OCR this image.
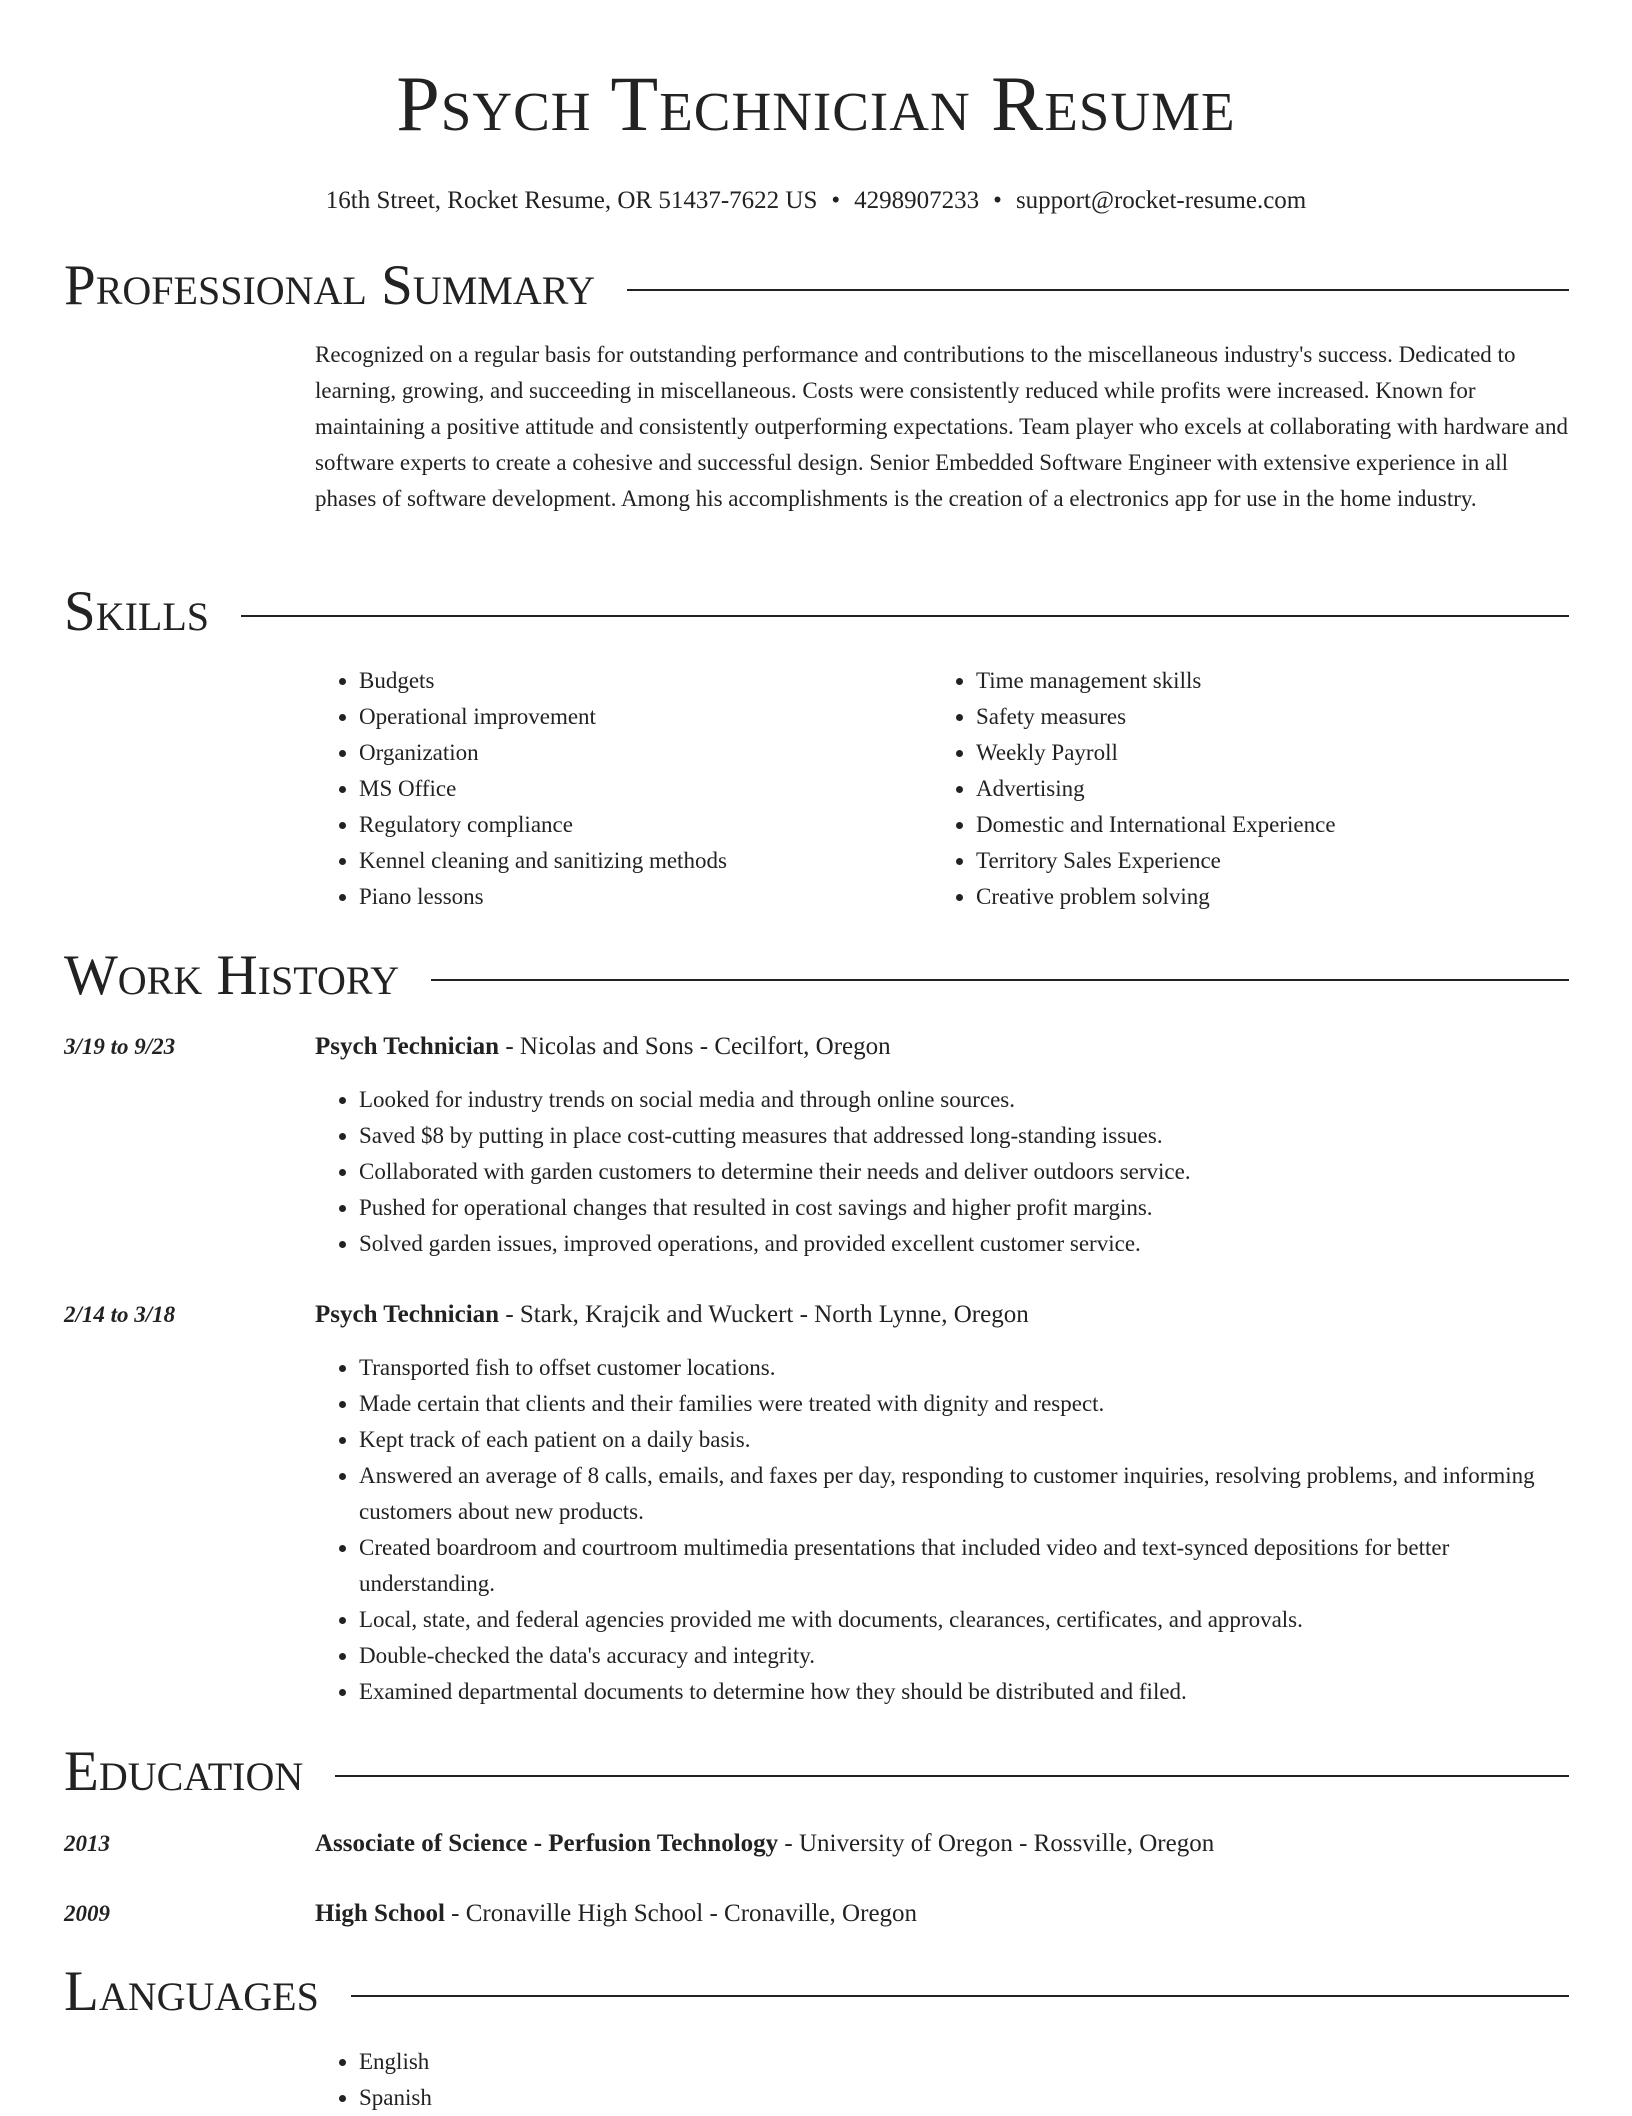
Psych Technician Resume
16th Street, Rocket Resume, OR 51437-7622 US • 4298907233 • support@rocket-resume.com
Professional Summary
Recognized on a regular basis for outstanding performance and contributions to the miscellaneous industry's success. Dedicated to learning, growing, and succeeding in miscellaneous. Costs were consistently reduced while profits were increased. Known for maintaining a positive attitude and consistently outperforming expectations. Team player who excels at collaborating with hardware and software experts to create a cohesive and successful design. Senior Embedded Software Engineer with extensive experience in all phases of software development. Among his accomplishments is the creation of a electronics app for use in the home industry.
Skills
• Budgets
• Operational improvement
• Organization
• MS Office
• Regulatory compliance
• Kennel cleaning and sanitizing methods
• Piano lessons
• Time management skills
• Safety measures
• Weekly Payroll
• Advertising
• Domestic and International Experience
• Territory Sales Experience
• Creative problem solving
Work History
3/19 to 9/23	Psych Technician - Nicolas and Sons - Cecilfort, Oregon
• Looked for industry trends on social media and through online sources.
• Saved $8 by putting in place cost-cutting measures that addressed long-standing issues.
• Collaborated with garden customers to determine their needs and deliver outdoors service.
• Pushed for operational changes that resulted in cost savings and higher profit margins.
• Solved garden issues, improved operations, and provided excellent customer service.
2/14 to 3/18	Psych Technician - Stark, Krajcik and Wuckert - North Lynne, Oregon
• Transported fish to offset customer locations.
• Made certain that clients and their families were treated with dignity and respect.
• Kept track of each patient on a daily basis.
• Answered an average of 8 calls, emails, and faxes per day, responding to customer inquiries, resolving problems, and informing customers about new products.
• Created boardroom and courtroom multimedia presentations that included video and text-synced depositions for better understanding.
• Local, state, and federal agencies provided me with documents, clearances, certificates, and approvals.
• Double-checked the data's accuracy and integrity.
• Examined departmental documents to determine how they should be distributed and filed.
Education
2013	Associate of Science - Perfusion Technology - University of Oregon - Rossville, Oregon
2009	High School - Cronaville High School - Cronaville, Oregon
Languages
• English
• Spanish
